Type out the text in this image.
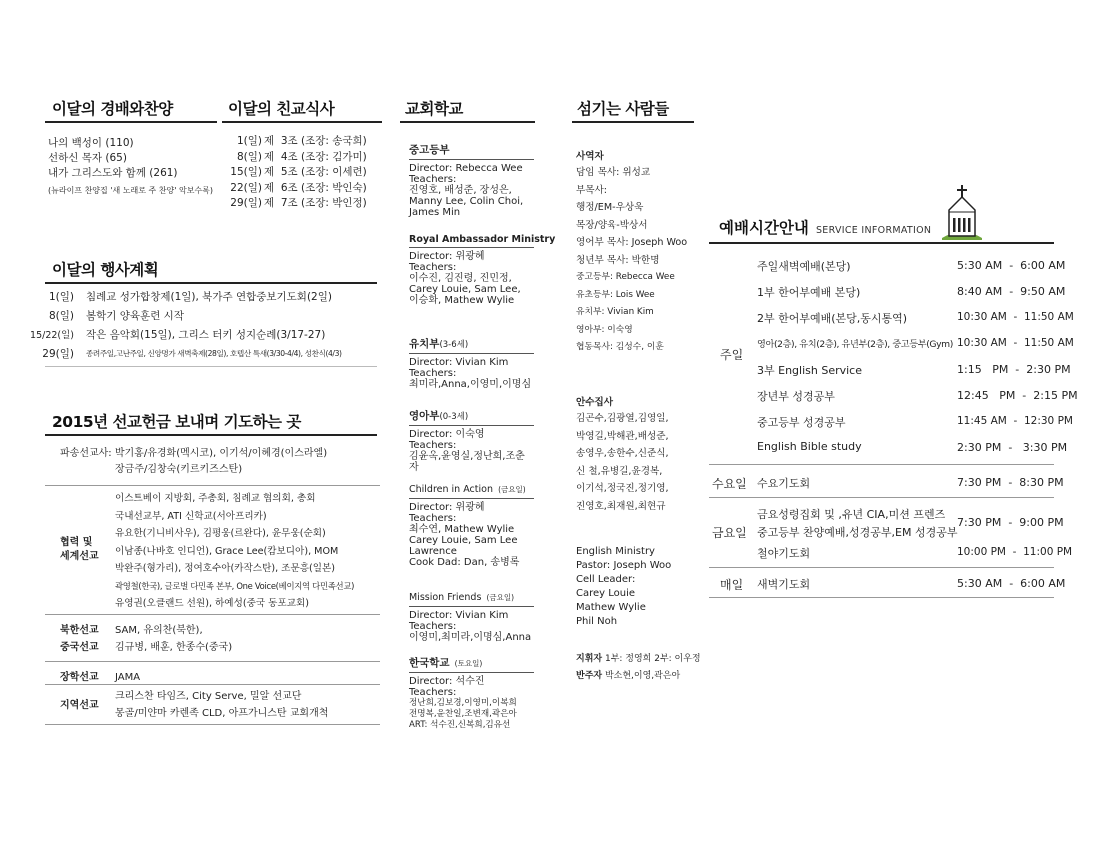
이달의 경배와찬양
나의 백성이 (110)
선하신 목자 (65)
내가 그리스도와 함께 (261)
(뉴라이프 찬양집 '새 노래로 주 찬양' 악보수록)
이달의 친교식사
1(일) 제  3조 (조장: 송국희)
8(일) 제  4조 (조장: 김가미)
15(일) 제  5조 (조장: 이세련)
22(일) 제  6조 (조장: 박인숙)
29(일) 제  7조 (조장: 박인정)
이달의 행사계획
1(일) 침례교 성가합창제(1일), 북가주 연합중보기도회(2일)
8(일) 봄학기 양육훈련 시작
15/22(일) 작은 음악회(15일), 그리스 터키 성지순례(3/17-27)
29(일) 종려주일,고난주일, 신앙명가 새벽축제(28일), 호텝산 특새(3/30-4/4), 성찬식(4/3)
2015년 선교헌금 보내며 기도하는 곳
파송선교사: 박기홍/유경화(멕시코), 이기석/이혜경(이스라엘)
장금주/김창숙(키르키즈스탄)
협력 및
세계선교
이스트베이 지방회, 주총회, 침례교 협의회, 총회
국내선교부, ATI 신학교(서아프리카)
유요한(기니비사우), 김평웅(르완다), 윤무웅(순회)
이남종(나바호 인디언), Grace Lee(캄보디아), MOM
박완주(형가리), 정여호수아(카작스탄), 조문흥(일본)
곽영철(한국), 글로벌 다민족 본부, One Voice(베이지역 다민족선교)
유영권(오클랜드 선원), 하예성(중국 동포교회)
북한선교 SAM, 유의찬(북한),
중국선교 김규병, 배훈, 한종수(중국)
장학선교 JAMA
지역선교
크리스찬 타임즈, City Serve, 밀알 선교단
몽골/미얀마 카렌족 CLD, 아프가니스탄 교회개척
교회학교
중고등부
Director: Rebecca Wee
Teachers:
진영호, 배성준, 장성은,
Manny Lee, Colin Choi,
James Min
Royal Ambassador Ministry
Director: 위광혜
Teachers:
이수진, 김진령, 진민정,
Carey Louie, Sam Lee,
이승화, Mathew Wylie
유치부(3-6세)
Director: Vivian Kim
Teachers:
최미라,Anna,이영미,이명심
영아부(0-3세)
Director: 이숙영
Teachers:
김윤옥,윤영실,정난희,조춘자
Children in Action (금요일)
Director: 위광혜
Teachers:
최수연, Mathew Wylie
Carey Louie, Sam Lee
Lawrence
Cook Dad: Dan, 송병록
Mission Friends (금요일)
Director: Vivian Kim
Teachers:
이영미,최미라,이명심,Anna
한국학교 (토요일)
Director: 석수진
Teachers:
정난희,김보경,이영미,이복희
전명복,윤찬일,조변재,곽은아
ART: 석수진,신복희,김유선
섬기는 사람들
사역자
담임 목사: 위성교
부목사:
행정/EM-우상욱
목장/양육-박상서
영어부 목사: Joseph Woo
청년부 목사: 박한명
중고등부: Rebecca Wee
유초등부: Lois Wee
유치부: Vivian Kim
영아부: 이숙영
협동목사: 김성수, 이훈
안수집사
김곤수,김광열,김영일,
박영길,박해관,배성준,
송영우,송한수,신준식,
신 철,유병길,윤경복,
이기석,정국진,정기영,
진영호,최재원,최현규
English Ministry
Pastor: Joseph Woo
Cell Leader:
Carey Louie
Mathew Wylie
Phil Noh
지휘자 1부: 정영희 2부: 이우정
반주자 박소현,이영,곽은아
예배시간안내 SERVICE INFORMATION
주일
주일새벽예배(본당)	5:30 AM  -  6:00 AM
1부 한어부예배 본당)	8:40 AM  -  9:50 AM
2부 한어부예배(본당,동시통역)	10:30 AM  -  11:50 AM
영아(2층), 유치(2층), 유년부(2층), 중고등부(Gym) 10:30 AM  -  11:50 AM
3부 English Service	1:15   PM  -  2:30 PM
장년부 성경공부	12:45   PM  -  2:15 PM
중고등부 성경공부	11:45 AM  -  12:30 PM
English Bible study	2:30 PM  -   3:30 PM
수요일 수요기도회	7:30 PM  -  8:30 PM
금요일
금요성령집회 및 ,유년 CIA,미션 프렌즈
중고등부 찬양예배,성경공부,EM 성경공부
7:30 PM  -  9:00 PM
철야기도회	10:00 PM  -  11:00 PM
매일 새벽기도회	5:30 AM  -  6:00 AM
